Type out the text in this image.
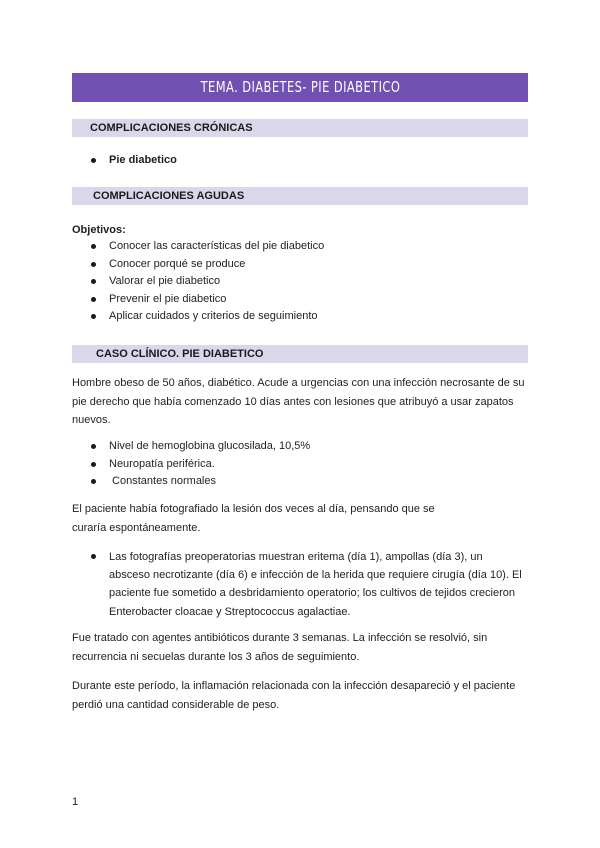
TEMA. DIABETES- PIE DIABETICO
COMPLICACIONES CRÓNICAS
Pie diabetico
COMPLICACIONES AGUDAS

Objetivos:

Conocer las características del pie diabetico
Conocer porqué se produce
Valorar el pie diabetico
Prevenir el pie diabetico
Aplicar cuidados y criterios de seguimiento
CASO CLÍNICO. PIE DIABETICO
Hombre obeso de 50 años, diabético. Acude a urgencias con una infección necrosante de su
pie derecho que había comenzado 10 días antes con lesiones que atribuyó a usar zapatos
nuevos.
Nivel de hemoglobina glucosilada, 10,5%
Neuropatía periférica.
Constantes normales
El paciente había fotografiado la lesión dos veces al día, pensando que se
curaría espontáneamente.
Las fotografías preoperatorias muestran eritema (día 1), ampollas (día 3), un
absceso necrotizante (día 6) e infección de la herida que requiere cirugía (día 10). El
paciente fue sometido a desbridamiento operatorio; los cultivos de tejidos crecieron
Enterobacter cloacae y Streptococcus agalactiae.
Fue tratado con agentes antibióticos durante 3 semanas. La infección se resolvió, sin
recurrencia ni secuelas durante los 3 años de seguimiento.
Durante este período, la inflamación relacionada con la infección desapareció y el paciente
perdió una cantidad considerable de peso.
1
